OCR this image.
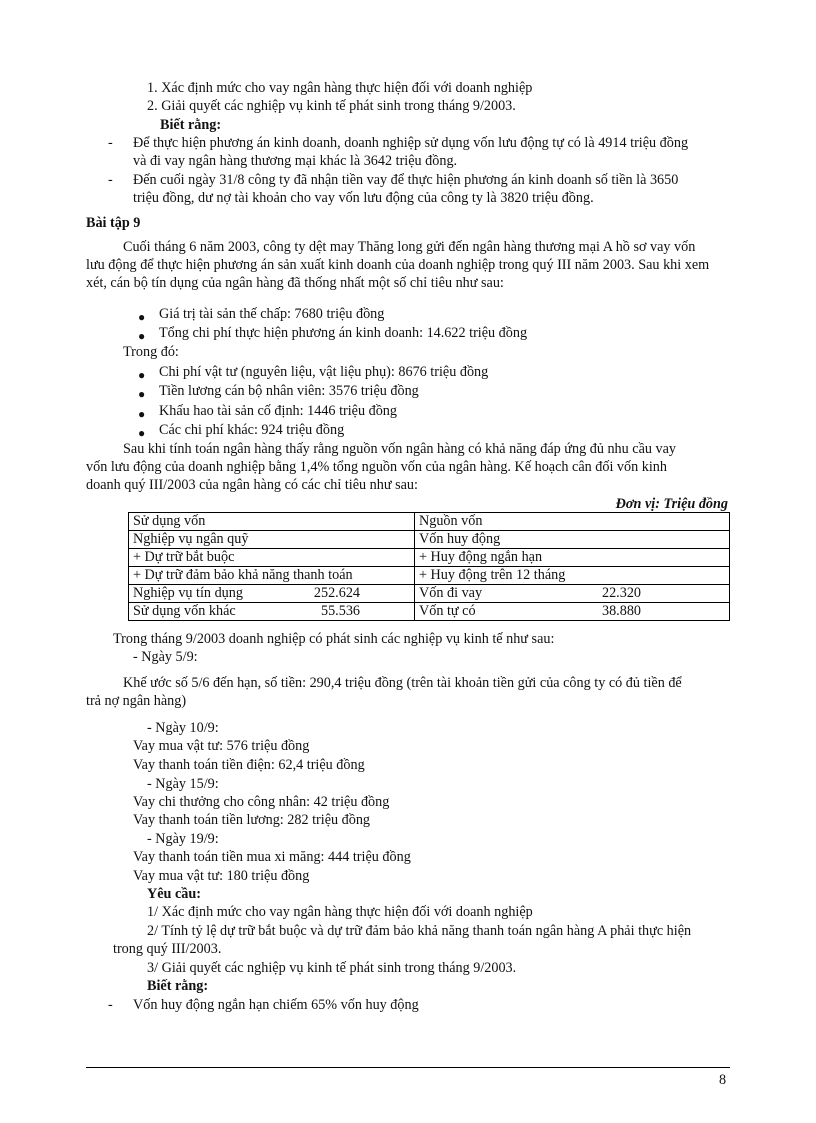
1. Xác định mức cho vay ngân hàng thực hiện đối với doanh nghiệp
2. Giải quyết các nghiệp vụ kinh tế phát sinh trong tháng 9/2003.
Biết rằng:
- Để thực hiện phương án kinh doanh, doanh nghiệp sử dụng vốn lưu động tự có là 4914 triệu đồng
và đi vay ngân hàng thương mại khác là 3642 triệu đồng.
- Đến cuối ngày 31/8 công ty đã nhận tiền vay để thực hiện phương án kinh doanh số tiền là 3650
triệu đồng, dư nợ tài khoản cho vay vốn lưu động của công ty là 3820 triệu đồng.
Bài tập 9
Cuối tháng 6 năm 2003, công ty dệt may Thăng long gửi đến ngân hàng thương mại A hồ sơ vay vốn
lưu động để thực hiện phương án sản xuất kinh doanh của doanh nghiệp trong quý III năm 2003. Sau khi xem
xét, cán bộ tín dụng của ngân hàng đã thống nhất một số chỉ tiêu như sau:
● Giá trị tài sản thế chấp: 7680 triệu đồng
● Tổng chi phí thực hiện phương án kinh doanh: 14.622 triệu đồng
Trong đó:
● Chi phí vật tư (nguyên liệu, vật liệu phụ): 8676 triệu đồng
● Tiền lương cán bộ nhân viên: 3576 triệu đồng
● Khấu hao tài sản cố định: 1446 triệu đồng
● Các chi phí khác: 924 triệu đồng
Sau khi tính toán ngân hàng thấy rằng nguồn vốn ngân hàng có khả năng đáp ứng đủ nhu cầu vay
vốn lưu động của doanh nghiệp bằng 1,4% tổng nguồn vốn của ngân hàng. Kế hoạch cân đối vốn kinh
doanh quý III/2003 của ngân hàng có các chỉ tiêu như sau:
Đơn vị: Triệu đồng
Sử dụng vốn	Nguồn vốn

Nghiệp vụ ngân quỹ	Vốn huy động

+ Dự trữ bắt buộc	+ Huy động ngắn hạn

+ Dự trữ đảm bảo khả năng thanh toán	+ Huy động trên 12 tháng

Nghiệp vụ tín dụng 252.624	Vốn đi vay 22.320

Sử dụng vốn khác 55.536	Vốn tự có 38.880
Trong tháng 9/2003 doanh nghiệp có phát sinh các nghiệp vụ kinh tế như sau:
- Ngày 5/9:
Khế ước số 5/6 đến hạn, số tiền: 290,4 triệu đồng (trên tài khoản tiền gửi của công ty có đủ tiền để
trả nợ ngân hàng)
- Ngày 10/9:
Vay mua vật tư: 576 triệu đồng
Vay thanh toán tiền điện: 62,4 triệu đồng
- Ngày 15/9:
Vay chi thưởng cho công nhân: 42 triệu đồng
Vay thanh toán tiền lương: 282 triệu đồng
- Ngày 19/9:
Vay thanh toán tiền mua xi măng: 444 triệu đồng
Vay mua vật tư: 180 triệu đồng
Yêu cầu:
1/ Xác định mức cho vay ngân hàng thực hiện đối với doanh nghiệp
2/ Tính tỷ lệ dự trữ bắt buộc và dự trữ đảm bảo khả năng thanh toán ngân hàng A phải thực hiện
trong quý III/2003.
3/ Giải quyết các nghiệp vụ kinh tế phát sinh trong tháng 9/2003.
Biết rằng:
- Vốn huy động ngắn hạn chiếm 65% vốn huy động
8
